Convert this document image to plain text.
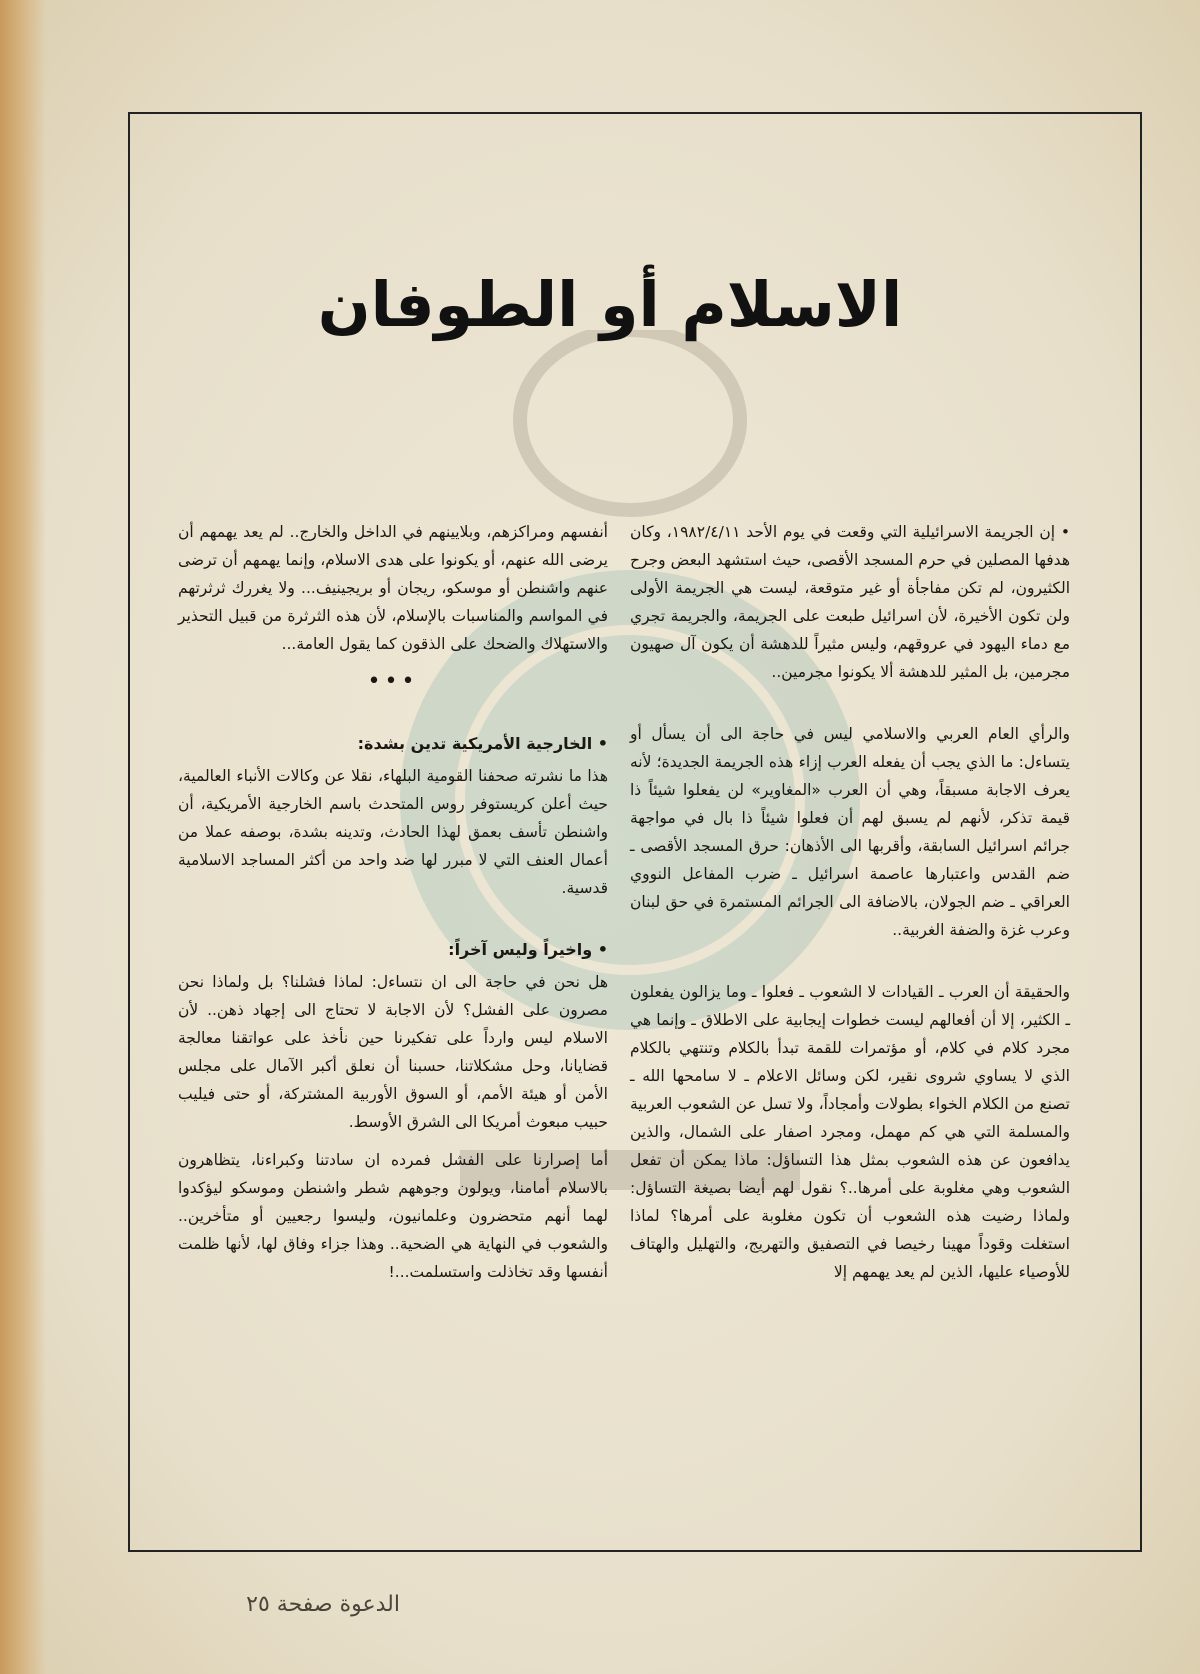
الاسلام أو الطوفان

• إن الجريمة الاسرائيلية التي وقعت في يوم الأحد ١٩٨٢/٤/١١، وكان هدفها المصلين في حرم المسجد الأقصى، حيث استشهد البعض وجرح الكثيرون، لم تكن مفاجأة أو غير متوقعة، ليست هي الجريمة الأولى ولن تكون الأخيرة، لأن اسرائيل طبعت على الجريمة، والجريمة تجري مع دماء اليهود في عروقهم، وليس مثيراً للدهشة أن يكون آل صهيون مجرمين، بل المثير للدهشة ألا يكونوا مجرمين..

والرأي العام العربي والاسلامي ليس في حاجة الى أن يسأل أو يتساءل: ما الذي يجب أن يفعله العرب إزاء هذه الجريمة الجديدة؛ لأنه يعرف الاجابة مسبقاً، وهي أن العرب «المغاوير» لن يفعلوا شيئاً ذا قيمة تذكر، لأنهم لم يسبق لهم أن فعلوا شيئاً ذا بال في مواجهة جرائم اسرائيل السابقة، وأقربها الى الأذهان: حرق المسجد الأقصى ـ ضم القدس واعتبارها عاصمة اسرائيل ـ ضرب المفاعل النووي العراقي ـ ضم الجولان، بالاضافة الى الجرائم المستمرة في حق لبنان وعرب غزة والضفة الغربية..

والحقيقة أن العرب ـ القيادات لا الشعوب ـ فعلوا ـ وما يزالون يفعلون ـ الكثير، إلا أن أفعالهم ليست خطوات إيجابية على الاطلاق ـ وإنما هي مجرد كلام في كلام، أو مؤتمرات للقمة تبدأ بالكلام وتنتهي بالكلام الذي لا يساوي شروى نقير، لكن وسائل الاعلام ـ لا سامحها الله ـ تصنع من الكلام الخواء بطولات وأمجاداً، ولا تسل عن الشعوب العربية والمسلمة التي هي كم مهمل، ومجرد اصفار على الشمال، والذين يدافعون عن هذه الشعوب بمثل هذا التساؤل: ماذا يمكن أن تفعل الشعوب وهي مغلوبة على أمرها..؟ نقول لهم أيضا بصيغة التساؤل: ولماذا رضيت هذه الشعوب أن تكون مغلوبة على أمرها؟ لماذا استغلت وقوداً مهينا رخيصا في التصفيق والتهريج، والتهليل والهتاف للأوصياء عليها، الذين لم يعد يهمهم إلا

أنفسهم ومراكزهم، وبلايينهم في الداخل والخارج.. لم يعد يهمهم أن يرضى الله عنهم، أو يكونوا على هدى الاسلام، وإنما يهمهم أن ترضى عنهم واشنطن أو موسكو، ريجان أو بريجينيف... ولا يغررك ثرثرتهم في المواسم والمناسبات بالإسلام، لأن هذه الثرثرة من قبيل التحذير والاستهلاك والضحك على الذقون كما يقول العامة...

•••
• الخارجية الأمريكية تدين بشدة:

هذا ما نشرته صحفنا القومية البلهاء، نقلا عن وكالات الأنباء العالمية، حيث أعلن كريستوفر روس المتحدث باسم الخارجية الأمريكية، أن واشنطن تأسف بعمق لهذا الحادث، وتدينه بشدة، بوصفه عملا من أعمال العنف التي لا مبرر لها ضد واحد من أكثر المساجد الاسلامية قدسية.

• واخيراً وليس آخراً:

هل نحن في حاجة الى ان نتساءل: لماذا فشلنا؟ بل ولماذا نحن مصرون على الفشل؟ لأن الاجابة لا تحتاج الى إجهاد ذهن.. لأن الاسلام ليس وارداً على تفكيرنا حين نأخذ على عواتقنا معالجة قضايانا، وحل مشكلاتنا، حسبنا أن نعلق أكبر الآمال على مجلس الأمن أو هيئة الأمم، أو السوق الأوربية المشتركة، أو حتى فيليب حبيب مبعوث أمريكا الى الشرق الأوسط.

أما إصرارنا على الفشل فمرده ان سادتنا وكبراءنا، يتظاهرون بالاسلام أمامنا، ويولون وجوههم شطر واشنطن وموسكو ليؤكدوا لهما أنهم متحضرون وعلمانيون، وليسوا رجعيين أو متأخرين.. والشعوب في النهاية هي الضحية.. وهذا جزاء وفاق لها، لأنها ظلمت أنفسها وقد تخاذلت واستسلمت...!

الدعوة صفحة ٢٥
